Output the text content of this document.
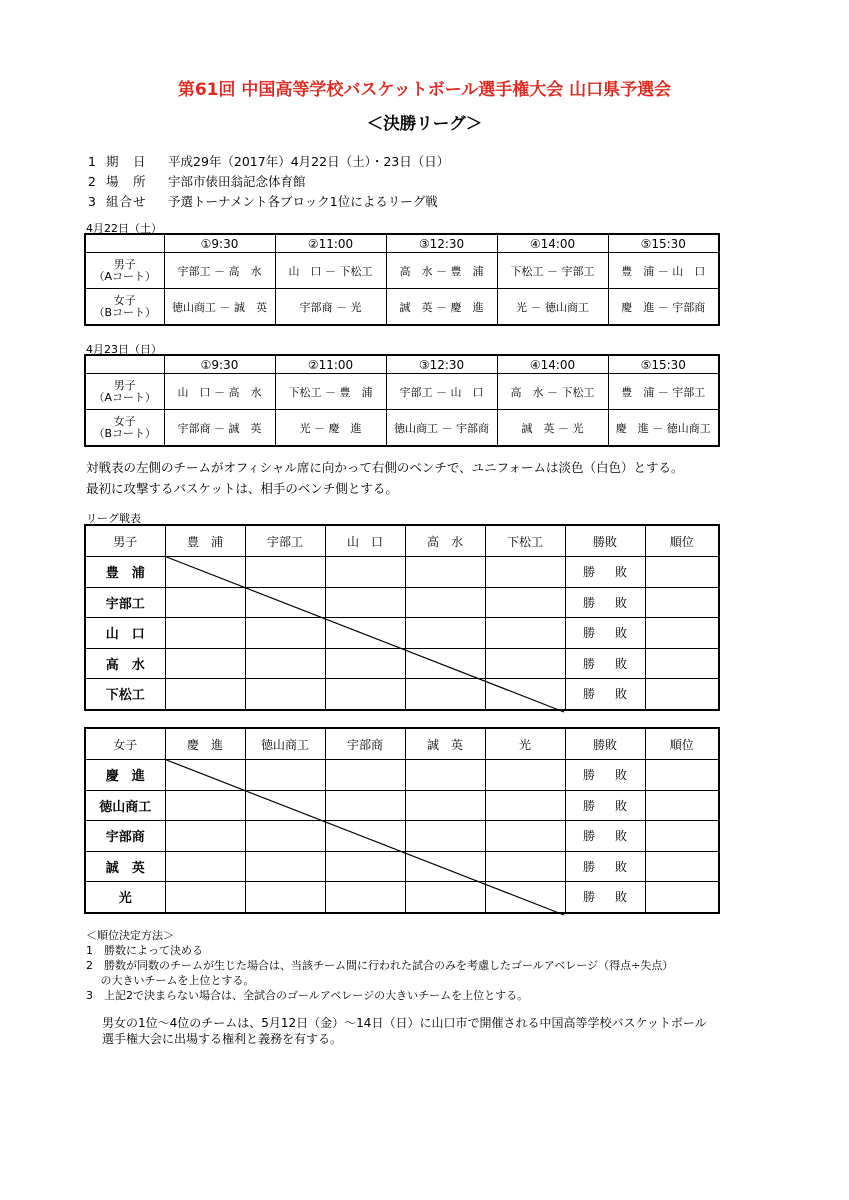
第61回 中国高等学校バスケットボール選手権大会 山口県予選会
＜決勝リーグ＞
1 期　日 平成29年（2017年）4月22日（土）・23日（日）
2 場　所 宇部市俵田翁記念体育館
3 組合せ 予選トーナメント各ブロック1位によるリーグ戦
4月22日（土）
	①9:30	②11:00	③12:30	④14:00	⑤15:30

男子
（Aコート）	宇部工 － 高　水	山　口 － 下松工	高　水 － 豊　浦	下松工 － 宇部工	豊　浦 － 山　口

女子
（Bコート）	徳山商工 － 誠　英	宇部商 － 光	誠　英 － 慶　進	光 － 徳山商工	慶　進 － 宇部商
4月23日（日）
	①9:30	②11:00	③12:30	④14:00	⑤15:30

男子
（Aコート）	山　口 － 高　水	下松工 － 豊　浦	宇部工 － 山　口	高　水 － 下松工	豊　浦 － 宇部工

女子
（Bコート）	宇部商 － 誠　英	光 － 慶　進	徳山商工 － 宇部商	誠　英 － 光	慶　進 － 徳山商工
対戦表の左側のチームがオフィシャル席に向かって右側のベンチで、ユニフォームは淡色（白色）とする。
最初に攻撃するバスケットは、相手のベンチ側とする。
リーグ戦表
男子	豊　浦	宇部工	山　口	高　水	下松工	勝敗	順位
豊　浦						勝 敗	
宇部工						勝 敗	
山　口						勝 敗	
高　水						勝 敗	
下松工						勝 敗	
女子	慶　進	徳山商工	宇部商	誠　英	光	勝敗	順位
慶　進						勝 敗	
徳山商工						勝 敗	
宇部商						勝 敗	
誠　英						勝 敗	
光						勝 敗	
＜順位決定方法＞
1　勝数によって決める
2　勝数が同数のチームが生じた場合は、当該チーム間に行われた試合のみを考慮したゴールアベレージ（得点÷失点）
　 の大きいチームを上位とする。
3　上記2で決まらない場合は、全試合のゴールアベレージの大きいチームを上位とする。
男女の1位～4位のチームは、5月12日（金）～14日（日）に山口市で開催される中国高等学校バスケットボール
選手権大会に出場する権利と義務を有する。
